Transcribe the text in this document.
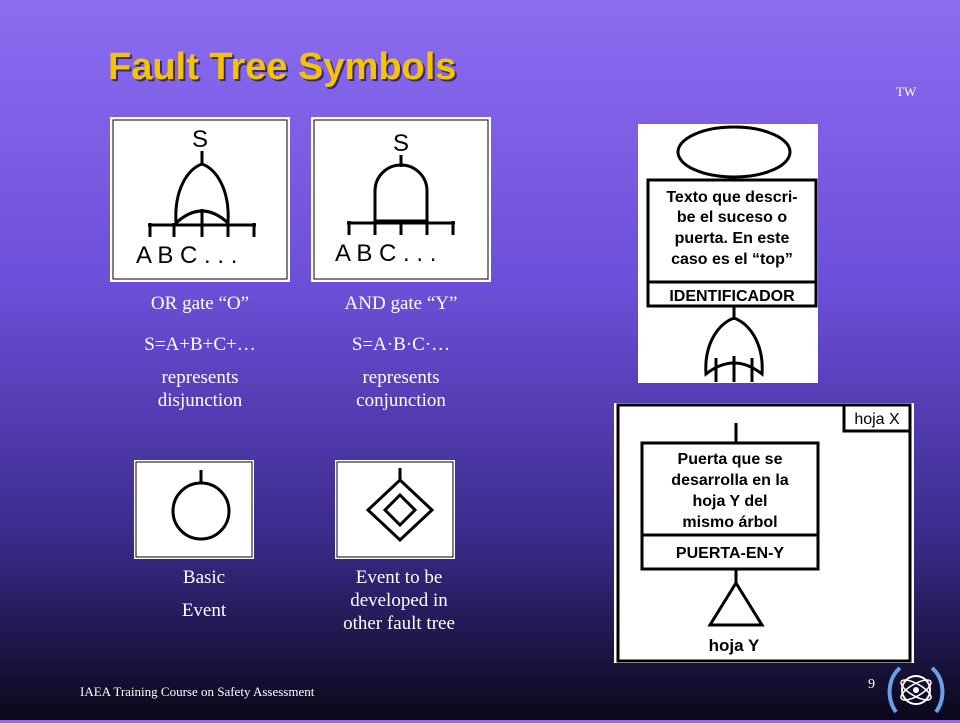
Fault Tree Symbols
TW
S
A B C . . .
S
A B C . . .
OR gate “O”
S=A+B+C+…
represents disjunction
AND gate “Y”
S=A·B·C·…
represents conjunction
Basic
Event
Event to be developed in other fault tree
Texto que descri-
be el suceso o
puerta. En este
caso es el “top”
IDENTIFICADOR
hoja X
Puerta que se
desarrolla en la
hoja Y del
mismo árbol
PUERTA-EN-Y
hoja Y
IAEA Training Course on Safety Assessment	9
